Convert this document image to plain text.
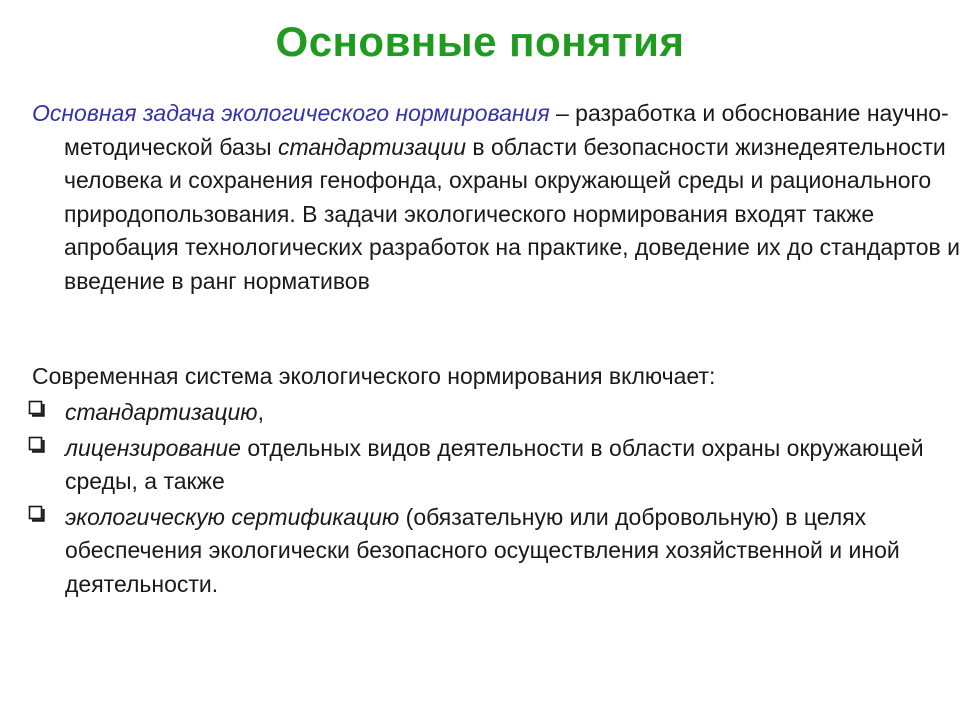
Основные понятия
Основная задача экологического нормирования – разработка и обоснование научно-методической базы стандартизации в области безопасности жизнедеятельности человека и сохранения генофонда, охраны окружающей среды и рационального природопользования. В задачи экологического нормирования входят также апробация технологических разработок на практике, доведение их до стандартов и введение в ранг нормативов
Современная система экологического нормирования включает:
стандартизацию,
лицензирование отдельных видов деятельности в области охраны окружающей среды, а также
экологическую сертификацию (обязательную или добровольную) в целях обеспечения экологически безопасного осуществления хозяйственной и иной деятельности.
